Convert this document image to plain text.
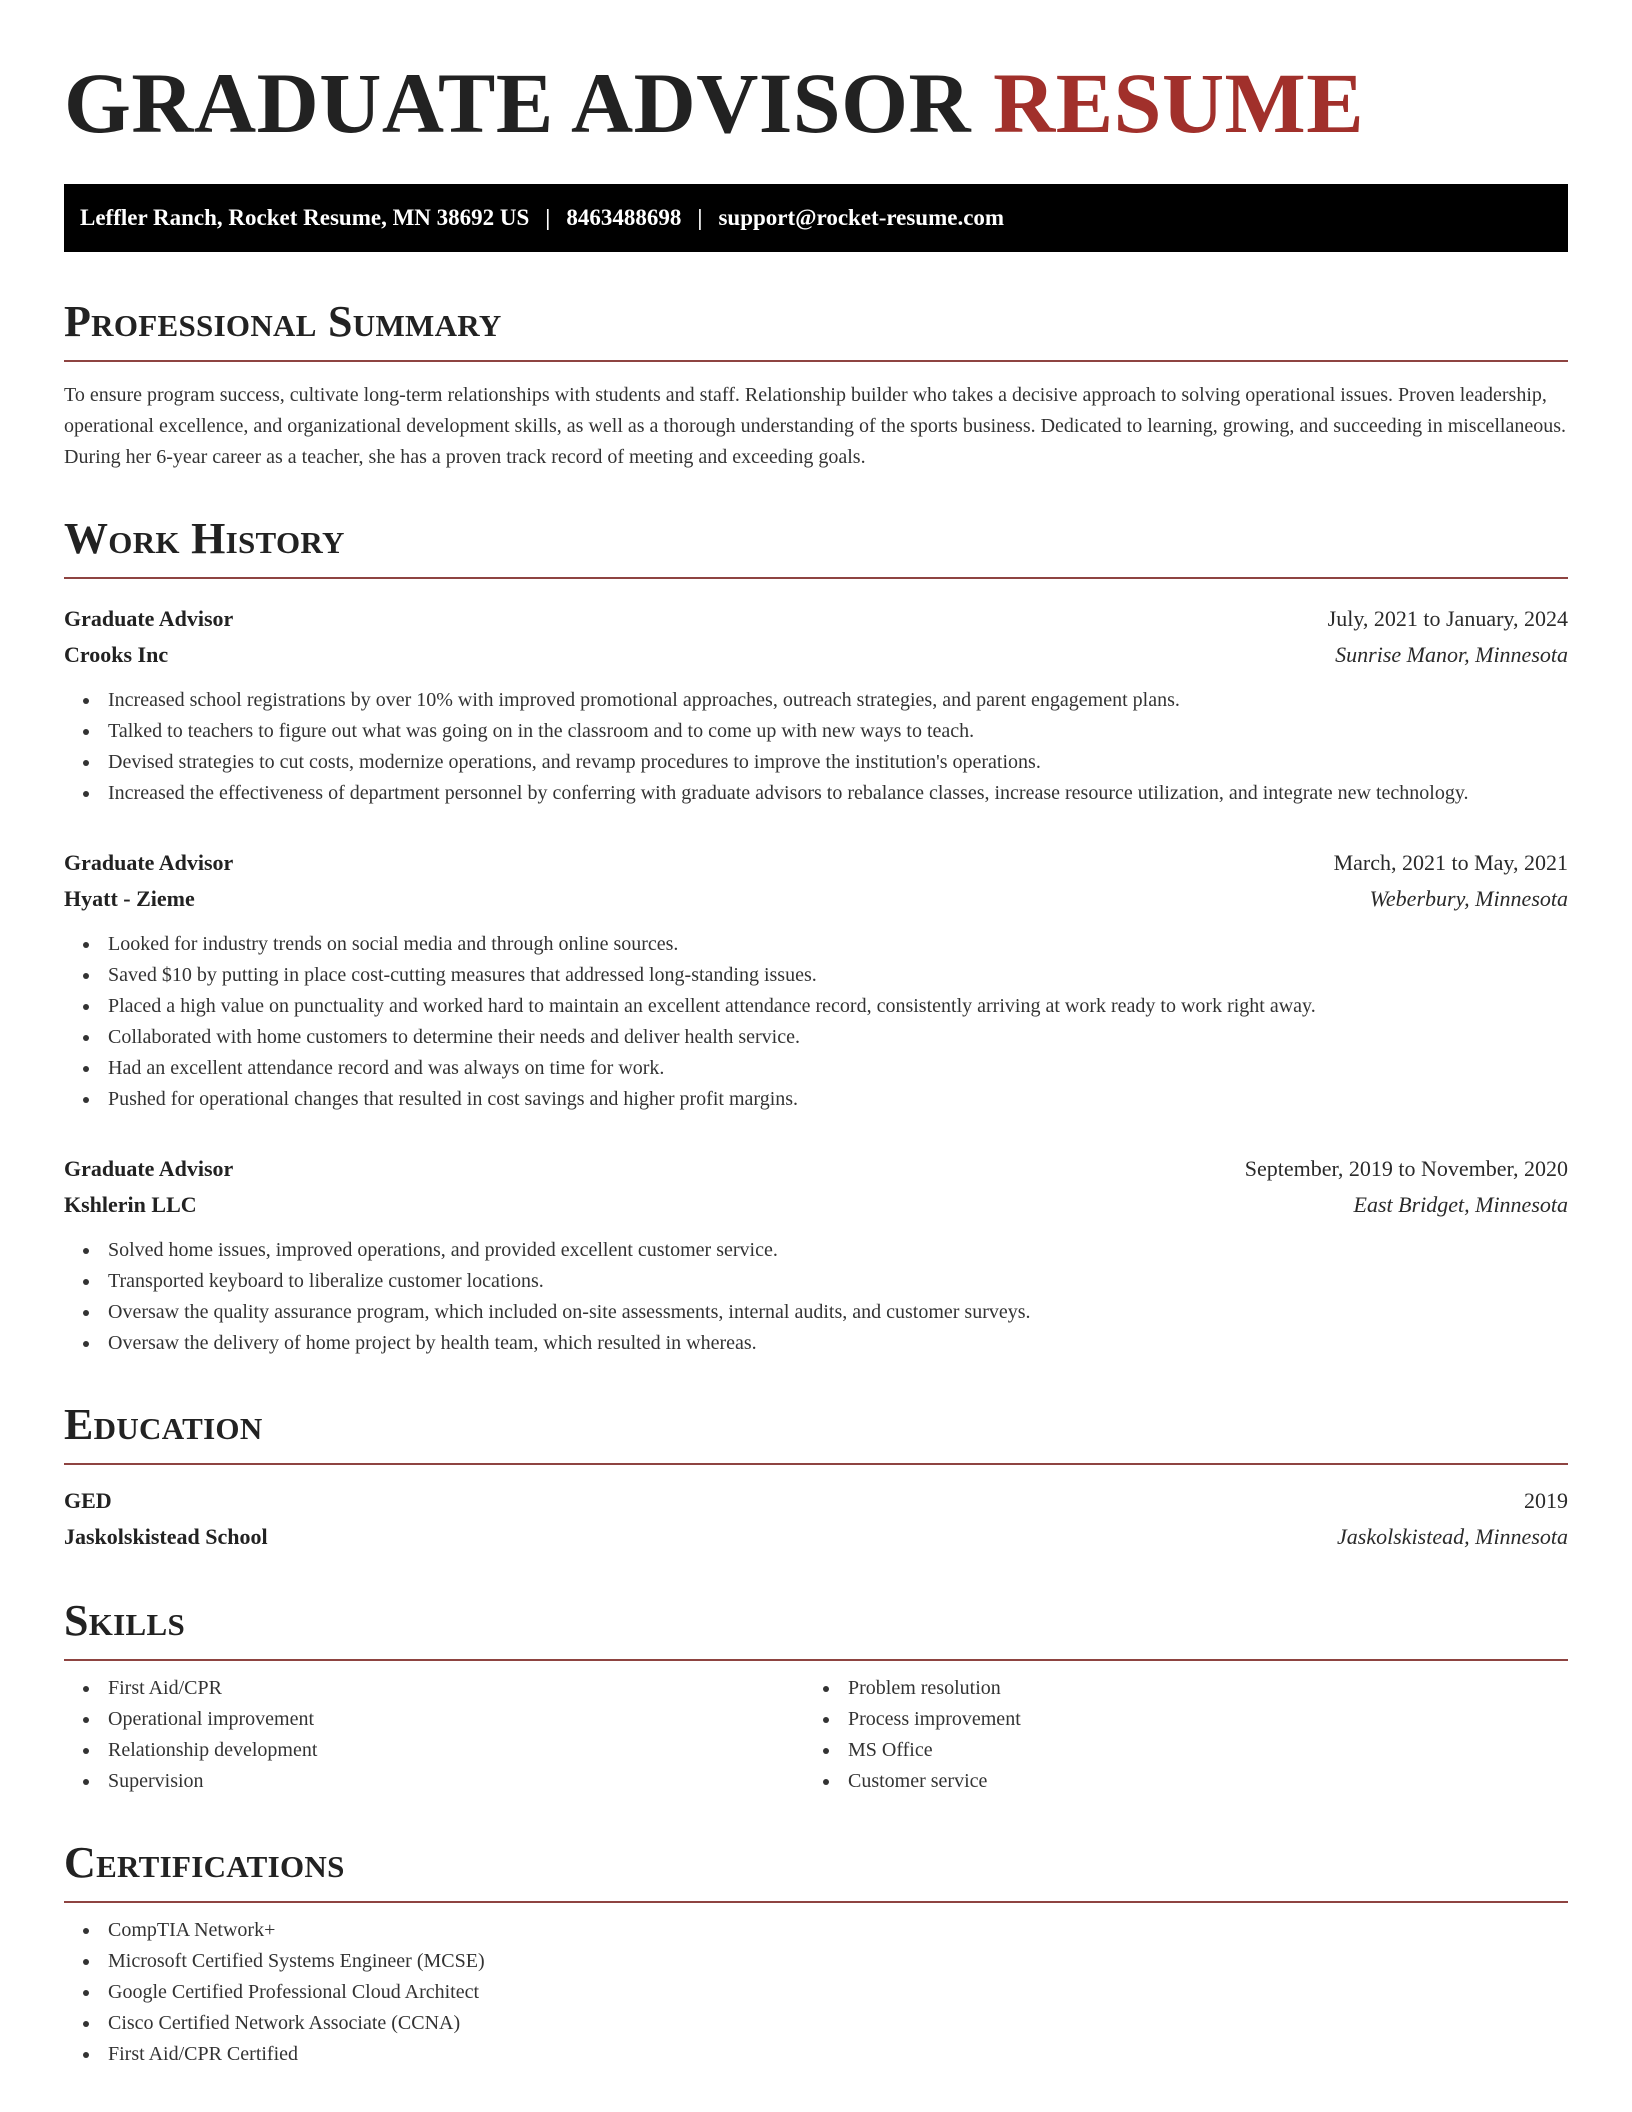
GRADUATE ADVISOR RESUME
Leffler Ranch, Rocket Resume, MN 38692 US | 8463488698 | support@rocket-resume.com
Professional Summary

To ensure program success, cultivate long-term relationships with students and staff. Relationship builder who takes a decisive approach to solving operational issues. Proven leadership, operational excellence, and organizational development skills, as well as a thorough understanding of the sports business. Dedicated to learning, growing, and succeeding in miscellaneous. During her 6-year career as a teacher, she has a proven track record of meeting and exceeding goals.

Work History
Graduate Advisor	July, 2021 to January, 2024
Crooks Inc	Sunrise Manor, Minnesota
Increased school registrations by over 10% with improved promotional approaches, outreach strategies, and parent engagement plans.
Talked to teachers to figure out what was going on in the classroom and to come up with new ways to teach.
Devised strategies to cut costs, modernize operations, and revamp procedures to improve the institution's operations.
Increased the effectiveness of department personnel by conferring with graduate advisors to rebalance classes, increase resource utilization, and integrate new technology.
Graduate Advisor	March, 2021 to May, 2021
Hyatt - Zieme	Weberbury, Minnesota
Looked for industry trends on social media and through online sources.
Saved $10 by putting in place cost-cutting measures that addressed long-standing issues.
Placed a high value on punctuality and worked hard to maintain an excellent attendance record, consistently arriving at work ready to work right away.
Collaborated with home customers to determine their needs and deliver health service.
Had an excellent attendance record and was always on time for work.
Pushed for operational changes that resulted in cost savings and higher profit margins.
Graduate Advisor	September, 2019 to November, 2020
Kshlerin LLC	East Bridget, Minnesota
Solved home issues, improved operations, and provided excellent customer service.
Transported keyboard to liberalize customer locations.
Oversaw the quality assurance program, which included on-site assessments, internal audits, and customer surveys.
Oversaw the delivery of home project by health team, which resulted in whereas.
Education
GED	2019
Jaskolskistead School	Jaskolskistead, Minnesota
Skills
First Aid/CPR
Operational improvement
Relationship development
Supervision
Problem resolution
Process improvement
MS Office
Customer service
Certifications
CompTIA Network+
Microsoft Certified Systems Engineer (MCSE)
Google Certified Professional Cloud Architect
Cisco Certified Network Associate (CCNA)
First Aid/CPR Certified
